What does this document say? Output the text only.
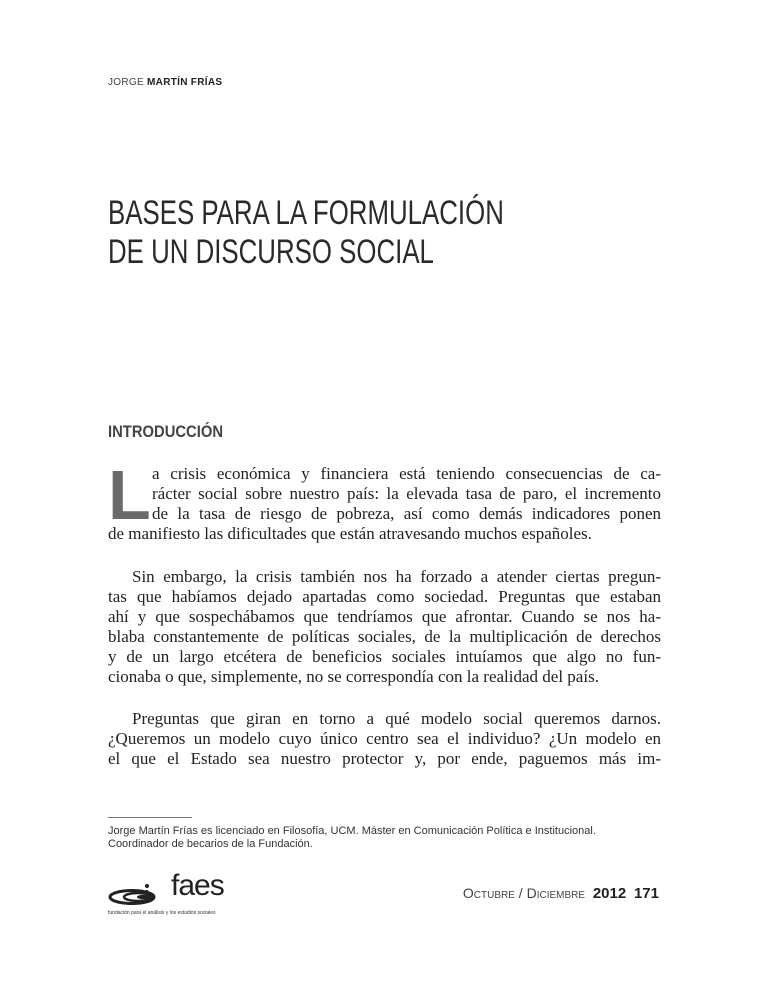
JORGE MARTÍN FRÍAS
BASES PARA LA FORMULACIÓN
DE UN DISCURSO SOCIAL
INTRODUCCIÓN
L a crisis económica y financiera está teniendo consecuencias de ca-
rácter social sobre nuestro país: la elevada tasa de paro, el incremento
de la tasa de riesgo de pobreza, así como demás indicadores ponen
de manifiesto las dificultades que están atravesando muchos españoles.
Sin embargo, la crisis también nos ha forzado a atender ciertas pregun-
tas que habíamos dejado apartadas como sociedad. Preguntas que estaban
ahí y que sospechábamos que tendríamos que afrontar. Cuando se nos ha-
blaba constantemente de políticas sociales, de la multiplicación de derechos
y de un largo etcétera de beneficios sociales intuíamos que algo no fun-
cionaba o que, simplemente, no se correspondía con la realidad del país.
Preguntas que giran en torno a qué modelo social queremos darnos.
¿Queremos un modelo cuyo único centro sea el individuo? ¿Un modelo en
el que el Estado sea nuestro protector y, por ende, paguemos más im-
Jorge Martín Frías es licenciado en Filosofía, UCM. Máster en Comunicación Política e Institucional.
Coordinador de becarios de la Fundación.
faes
fundación para el análisis y los estudios sociales
Octubre / Diciembre 2012 171
